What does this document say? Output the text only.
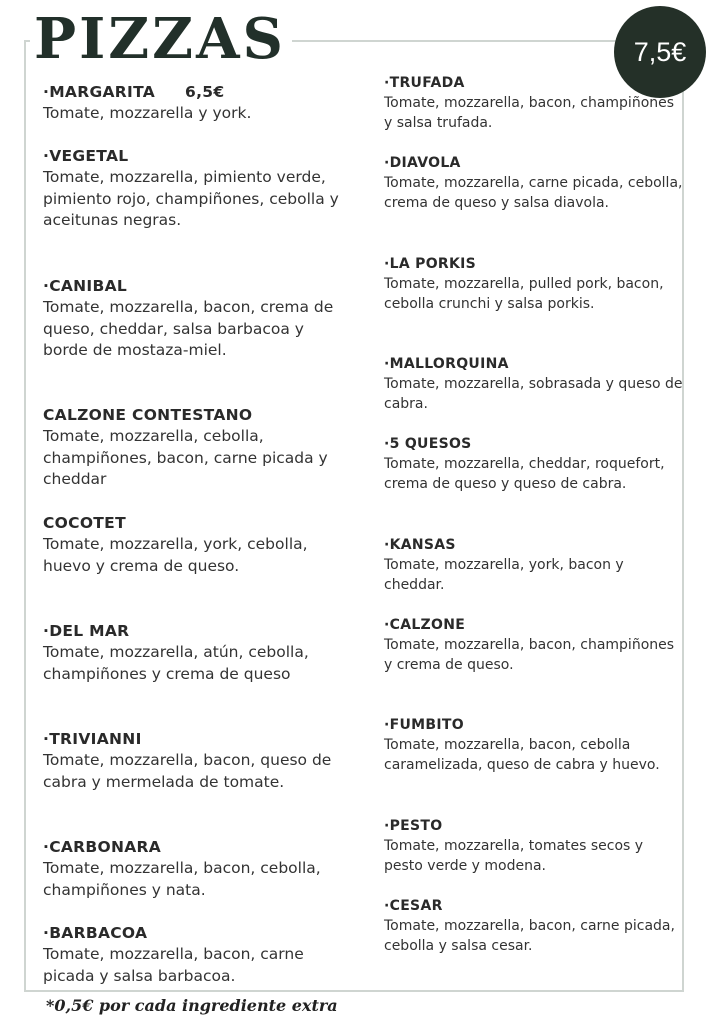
PIZZAS	7,5€
·MARGARITA 6,5€
Tomate, mozzarella y york.
·VEGETAL
Tomate, mozzarella, pimiento verde, pimiento rojo, champiñones, cebolla y aceitunas negras.
·CANIBAL
Tomate, mozzarella, bacon, crema de queso, cheddar, salsa barbacoa y borde de mostaza-miel.
CALZONE CONTESTANO
Tomate, mozzarella, cebolla, champiñones, bacon, carne picada y cheddar
COCOTET
Tomate, mozzarella, york, cebolla, huevo y crema de queso.
·DEL MAR
Tomate, mozzarella, atún, cebolla, champiñones y crema de queso
·TRIVIANNI
Tomate, mozzarella, bacon, queso de cabra y mermelada de tomate.
·CARBONARA
Tomate, mozzarella, bacon, cebolla, champiñones y nata.
·BARBACOA
Tomate, mozzarella, bacon, carne picada y salsa barbacoa.
·TRUFADA
Tomate, mozzarella, bacon, champiñones y salsa trufada.
·DIAVOLA
Tomate, mozzarella, carne picada, cebolla, crema de queso y salsa diavola.
·LA PORKIS
Tomate, mozzarella, pulled pork, bacon, cebolla crunchi y salsa porkis.
·MALLORQUINA
Tomate, mozzarella, sobrasada y queso de cabra.
·5 QUESOS
Tomate, mozzarella, cheddar, roquefort, crema de queso y queso de cabra.
·KANSAS
Tomate, mozzarella, york, bacon y cheddar.
·CALZONE
Tomate, mozzarella, bacon, champiñones y crema de queso.
·FUMBITO
Tomate, mozzarella, bacon, cebolla caramelizada, queso de cabra y huevo.
·PESTO
Tomate, mozzarella, tomates secos y pesto verde y modena.
·CESAR
Tomate, mozzarella, bacon, carne picada, cebolla y salsa cesar.
*0,5€ por cada ingrediente extra
